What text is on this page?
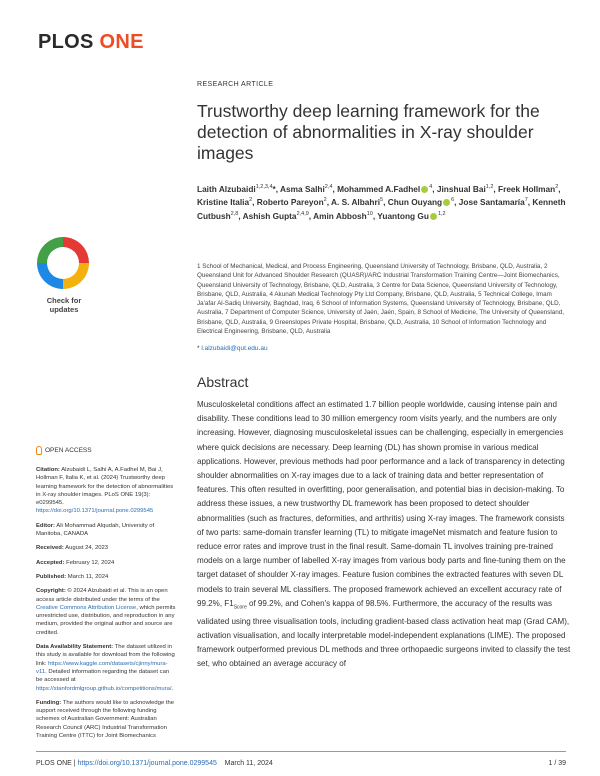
PLOS ONE
RESEARCH ARTICLE
Trustworthy deep learning framework for the detection of abnormalities in X-ray shoulder images
Laith Alzubaidi$^{1,2,3,4}$*, Asma Salhi$^{2,4}$, Mohammed A.Fadhel $^4$, Jinshual Bai$^{1,2}$, Freek Hollman$^2$, Kristine Italia$^2$, Roberto Pareyon$^2$, A. S. Albahri$^5$, Chun Ouyang $^6$, Jose Santamaría$^7$, Kenneth Cutbush$^{2,8}$, Ashish Gupta$^{2,4,9}$, Amin Abbosh$^{10}$, Yuantong Gu $^{1,2}$
1 School of Mechanical, Medical, and Process Engineering, Queensland University of Technology, Brisbane, QLD, Australia, 2 Queensland Unit for Advanced Shoulder Research (QUASR)/ARC Industrial Transformation Training Centre—Joint Biomechanics, Queensland University of Technology, Brisbane, QLD, Australia, 3 Centre for Data Science, Queensland University of Technology, Brisbane, QLD, Australia, 4 Akunah Medical Technology Pty Ltd Company, Brisbane, QLD, Australia, 5 Technical College, Imam Ja'afar Al-Sadiq University, Baghdad, Iraq, 6 School of Information Systems, Queensland University of Technology, Brisbane, QLD, Australia, 7 Department of Computer Science, University of Jaén, Jaén, Spain, 8 School of Medicine, The University of Queensland, Brisbane, QLD, Australia, 9 Greenslopes Private Hospital, Brisbane, QLD, Australia, 10 School of Information Technology and Electrical Engineering, Brisbane, QLD, Australia
* l.alzubaidi@qut.edu.au
Abstract
Musculoskeletal conditions affect an estimated 1.7 billion people worldwide, causing intense pain and disability. These conditions lead to 30 million emergency room visits yearly, and the numbers are only increasing. However, diagnosing musculoskeletal issues can be challenging, especially in emergencies where quick decisions are necessary. Deep learning (DL) has shown promise in various medical applications. However, previous methods had poor performance and a lack of transparency in detecting shoulder abnormalities on X-ray images due to a lack of training data and better representation of features. This often resulted in overfitting, poor generalisation, and potential bias in decision-making. To address these issues, a new trustworthy DL framework has been proposed to detect shoulder abnormalities (such as fractures, deformities, and arthritis) using X-ray images. The framework consists of two parts: same-domain transfer learning (TL) to mitigate imageNet mismatch and feature fusion to reduce error rates and improve trust in the final result. Same-domain TL involves training pre-trained models on a large number of labelled X-ray images from various body parts and fine-tuning them on the target dataset of shoulder X-ray images. Feature fusion combines the extracted features with seven DL models to train several ML classifiers. The proposed framework achieved an excellent accuracy rate of 99.2%, $F1_{Score}$ of 99.2%, and Cohen's kappa of 98.5%. Furthermore, the accuracy of the results was validated using three visualisation tools, including gradient-based class activation heat map (Grad CAM), activation visualisation, and locally interpretable model-independent explanations (LIME). The proposed framework outperformed previous DL methods and three orthopaedic surgeons invited to classify the test set, who obtained an average accuracy of
Check for
updates
OPEN ACCESS

Citation: Alzubaidi L, Salhi A, A.Fadhel M, Bai J, Hollman F, Italia K, et al. (2024) Trustworthy deep learning framework for the detection of abnormalities in X-ray shoulder images. PLoS ONE 19(3): e0299545. https://doi.org/10.1371/journal.pone.0299545

Editor: Ali Mohammad Alqudah, University of Manitoba, CANADA

Received: August 24, 2023

Accepted: February 12, 2024

Published: March 11, 2024

Copyright: © 2024 Alzubaidi et al. This is an open access article distributed under the terms of the Creative Commons Attribution License, which permits unrestricted use, distribution, and reproduction in any medium, provided the original author and source are credited.

Data Availability Statement: The dataset utilized in this study is available for download from the following link: https://www.kaggle.com/datasets/cjinny/mura-v11. Detailed information regarding the dataset can be accessed at https://stanfordmlgroup.github.io/competitions/mura/.

Funding: The authors would like to acknowledge the support received through the following funding schemes of Australian Government: Australian Research Council (ARC) Industrial Transformation Training Centre (ITTC) for Joint Biomechanics

PLOS ONE | https://doi.org/10.1371/journal.pone.0299545 March 11, 2024	1 / 39
